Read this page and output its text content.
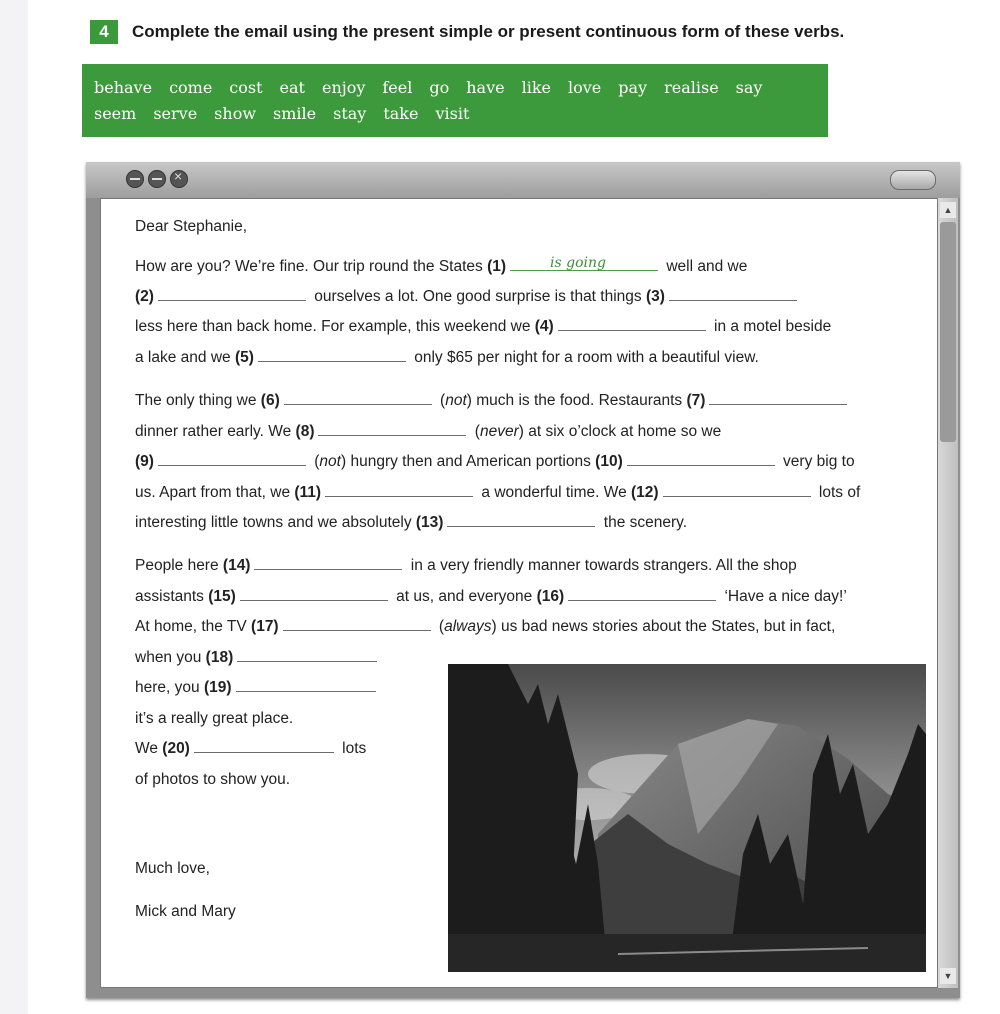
4	Complete the email using the present simple or present continuous form of these verbs.
behave come cost eat enjoy feel go have like love pay realise say
seem serve show smile stay take visit
×
▲
▼
Dear Stephanie,
Much love,
Mick and Mary
How are you? We’re fine. Our trip round the States (1)	is going	well and we
(2)	ourselves a lot. One good surprise is that things (3)
less here than back home. For example, this weekend we (4)	in a motel beside
a lake and we (5)	only $65 per night for a room with a beautiful view.
The only thing we (6)	(not) much is the food. Restaurants (7)
dinner rather early. We (8)	(never) at six o’clock at home so we
(9)	(not) hungry then and American portions (10)	very big to
us. Apart from that, we (11)	a wonderful time. We (12)	lots of
interesting little towns and we absolutely (13)	the scenery.
People here (14)	in a very friendly manner towards strangers. All the shop
assistants (15)	at us, and everyone (16)	‘Have a nice day!’
At home, the TV (17)	(always) us bad news stories about the States, but in fact,
when you (18)
here, you (19)
it’s a really great place.
We (20)	lots
of photos to show you.
